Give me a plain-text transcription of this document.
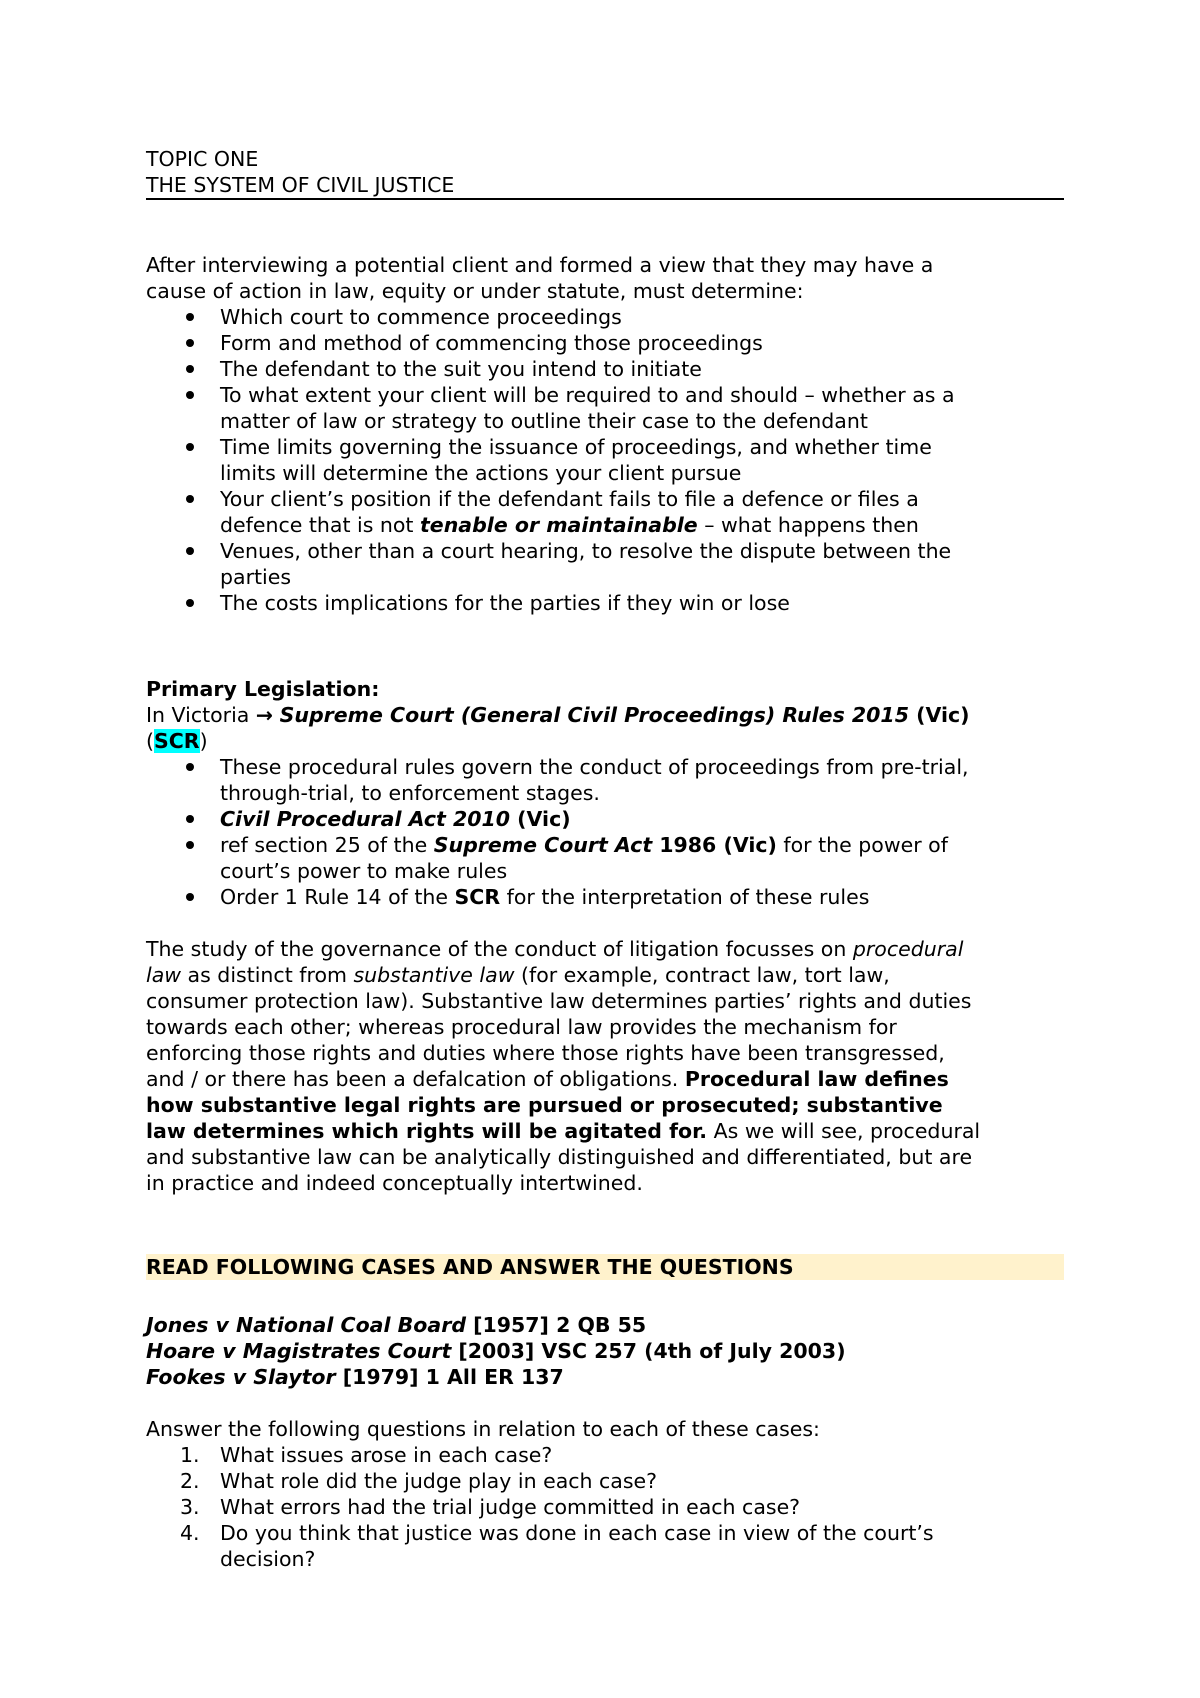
TOPIC ONE
THE SYSTEM OF CIVIL JUSTICE
After interviewing a potential client and formed a view that they may have a
cause of action in law, equity or under statute, must determine:
Which court to commence proceedings
Form and method of commencing those proceedings
The defendant to the suit you intend to initiate
To what extent your client will be required to and should – whether as a
matter of law or strategy to outline their case to the defendant
Time limits governing the issuance of proceedings, and whether time
limits will determine the actions your client pursue
Your client’s position if the defendant fails to file a defence or files a
defence that is not tenable or maintainable – what happens then
Venues, other than a court hearing, to resolve the dispute between the
parties
The costs implications for the parties if they win or lose
Primary Legislation:
In Victoria → Supreme Court (General Civil Proceedings) Rules 2015 (Vic)
(SCR)
These procedural rules govern the conduct of proceedings from pre-trial,
through-trial, to enforcement stages.
Civil Procedural Act 2010 (Vic)
ref section 25 of the Supreme Court Act 1986 (Vic) for the power of
court’s power to make rules
Order 1 Rule 14 of the SCR for the interpretation of these rules
The study of the governance of the conduct of litigation focusses on procedural
law as distinct from substantive law (for example, contract law, tort law,
consumer protection law). Substantive law determines parties’ rights and duties
towards each other; whereas procedural law provides the mechanism for
enforcing those rights and duties where those rights have been transgressed,
and / or there has been a defalcation of obligations. Procedural law defines
how substantive legal rights are pursued or prosecuted; substantive
law determines which rights will be agitated for. As we will see, procedural
and substantive law can be analytically distinguished and differentiated, but are
in practice and indeed conceptually intertwined.
READ FOLLOWING CASES AND ANSWER THE QUESTIONS
Jones v National Coal Board [1957] 2 QB 55
Hoare v Magistrates Court [2003] VSC 257 (4th of July 2003)
Fookes v Slaytor [1979] 1 All ER 137
Answer the following questions in relation to each of these cases:
1. What issues arose in each case?
2. What role did the judge play in each case?
3. What errors had the trial judge committed in each case?
4. Do you think that justice was done in each case in view of the court’s
decision?
